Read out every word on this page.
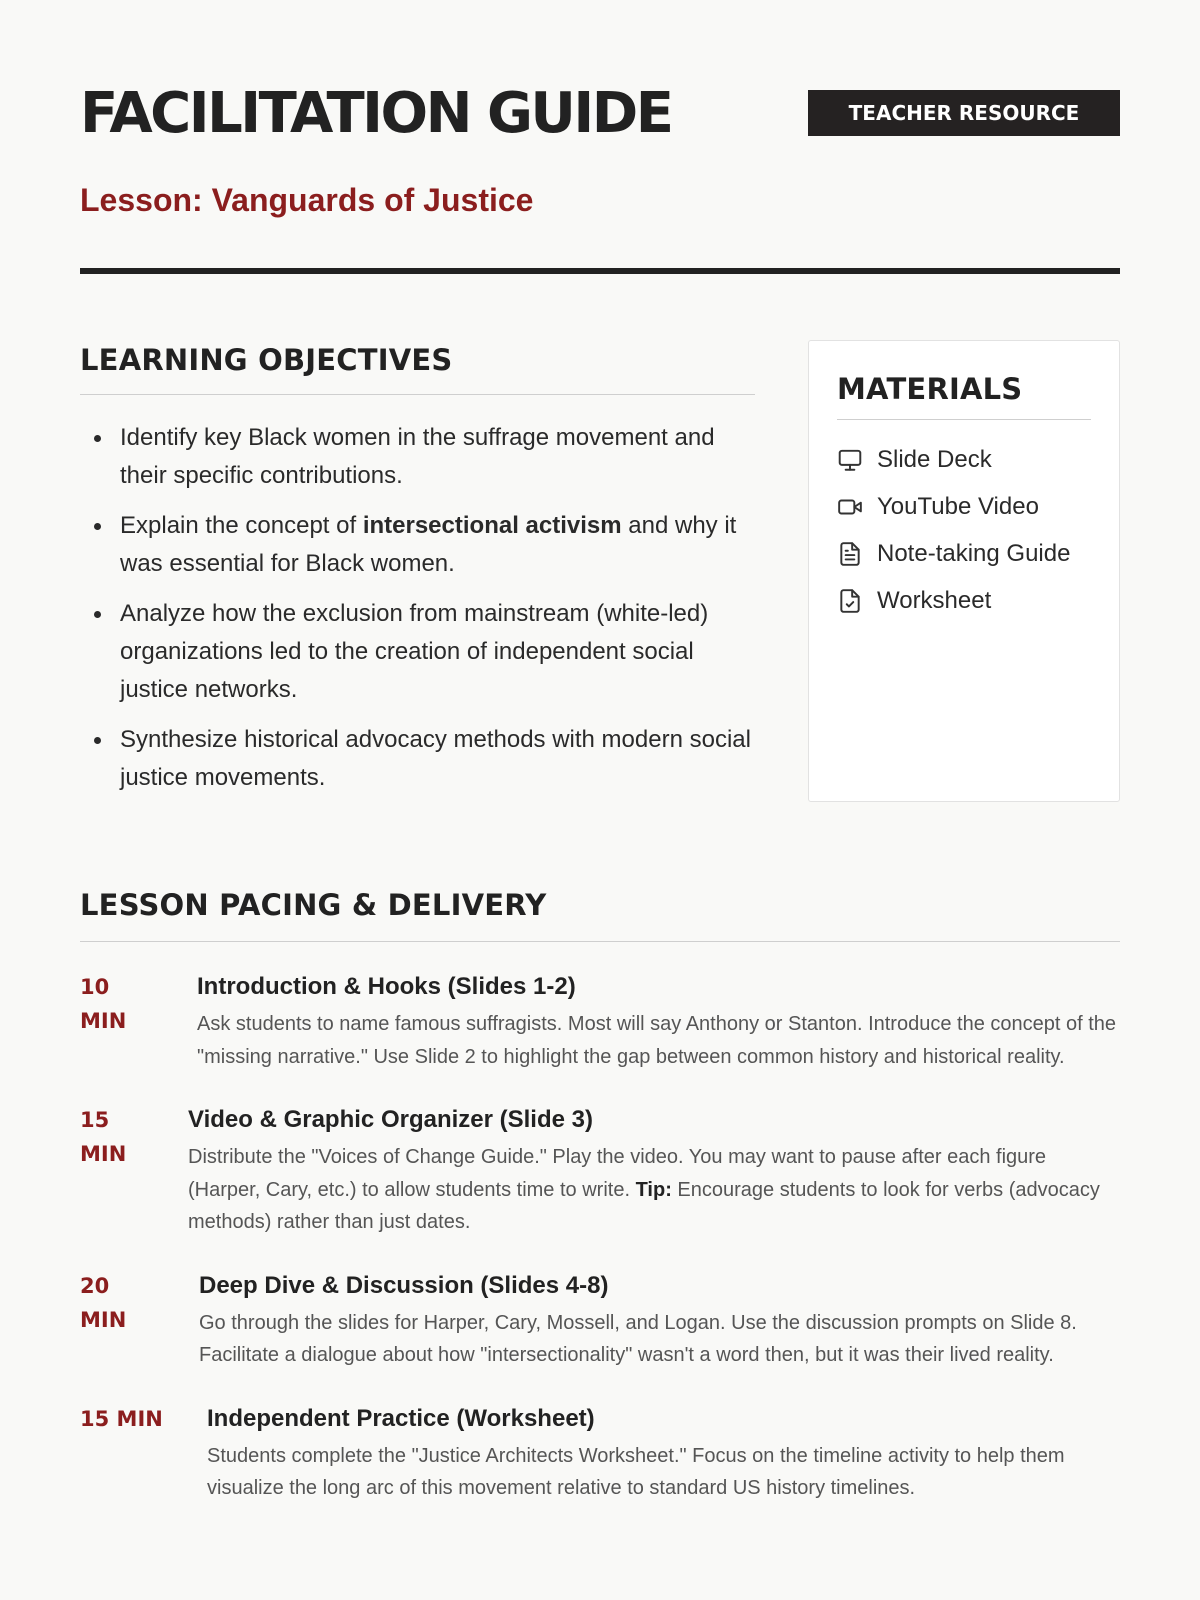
FACILITATION GUIDE	TEACHER RESOURCE
Lesson: Vanguards of Justice
LEARNING OBJECTIVES
Identify key Black women in the suffrage movement and their specific contributions.
Explain the concept of intersectional activism and why it was essential for Black women.
Analyze how the exclusion from mainstream (white-led) organizations led to the creation of independent social justice networks.
Synthesize historical advocacy methods with modern social justice movements.
MATERIALS
Slide Deck
YouTube Video
Note-taking Guide
Worksheet
LESSON PACING & DELIVERY
10
MIN
Introduction & Hooks (Slides 1-2)

Ask students to name famous suffragists. Most will say Anthony or Stanton. Introduce the concept of the "missing narrative." Use Slide 2 to highlight the gap between common history and historical reality.

15
MIN
Video & Graphic Organizer (Slide 3)

Distribute the "Voices of Change Guide." Play the video. You may want to pause after each figure (Harper, Cary, etc.) to allow students time to write. Tip: Encourage students to look for verbs (advocacy methods) rather than just dates.

20
MIN
Deep Dive & Discussion (Slides 4-8)

Go through the slides for Harper, Cary, Mossell, and Logan. Use the discussion prompts on Slide 8. Facilitate a dialogue about how "intersectionality" wasn't a word then, but it was their lived reality.

15 MIN	Independent Practice (Worksheet)

Students complete the "Justice Architects Worksheet." Focus on the timeline activity to help them visualize the long arc of this movement relative to standard US history timelines.
